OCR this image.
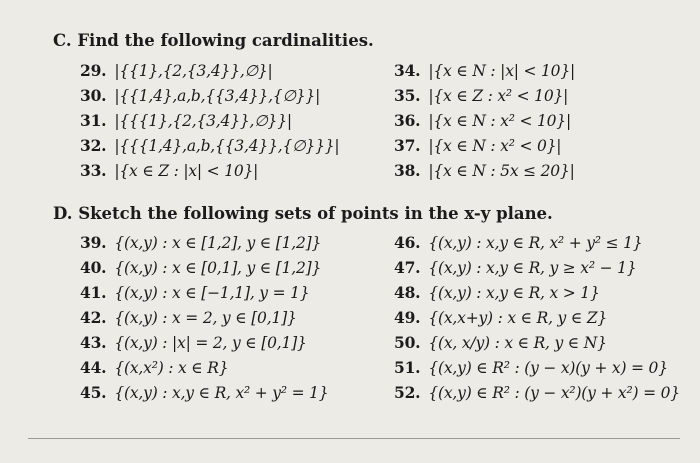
C. Find the following cardinalities.
29. |{{1},{2,{3,4}},∅}|
30. |{{1,4},a,b,{{3,4}},{∅}}|
31. |{{{1},{2,{3,4}},∅}}|
32. |{{{1,4},a,b,{{3,4}},{∅}}}|
33. |{x ∈ Z : |x| < 10}|
34. |{x ∈ N : |x| < 10}|
35. |{x ∈ Z : x² < 10}|
36. |{x ∈ N : x² < 10}|
37. |{x ∈ N : x² < 0}|
38. |{x ∈ N : 5x ≤ 20}|
D. Sketch the following sets of points in the x-y plane.
39. {(x,y) : x ∈ [1,2], y ∈ [1,2]}
40. {(x,y) : x ∈ [0,1], y ∈ [1,2]}
41. {(x,y) : x ∈ [−1,1], y = 1}
42. {(x,y) : x = 2, y ∈ [0,1]}
43. {(x,y) : |x| = 2, y ∈ [0,1]}
44. {(x,x²) : x ∈ R}
45. {(x,y) : x,y ∈ R, x² + y² = 1}
46. {(x,y) : x,y ∈ R, x² + y² ≤ 1}
47. {(x,y) : x,y ∈ R, y ≥ x² − 1}
48. {(x,y) : x,y ∈ R, x > 1}
49. {(x,x+y) : x ∈ R, y ∈ Z}
50. {(x, x/y) : x ∈ R, y ∈ N}
51. {(x,y) ∈ R² : (y − x)(y + x) = 0}
52. {(x,y) ∈ R² : (y − x²)(y + x²) = 0}
